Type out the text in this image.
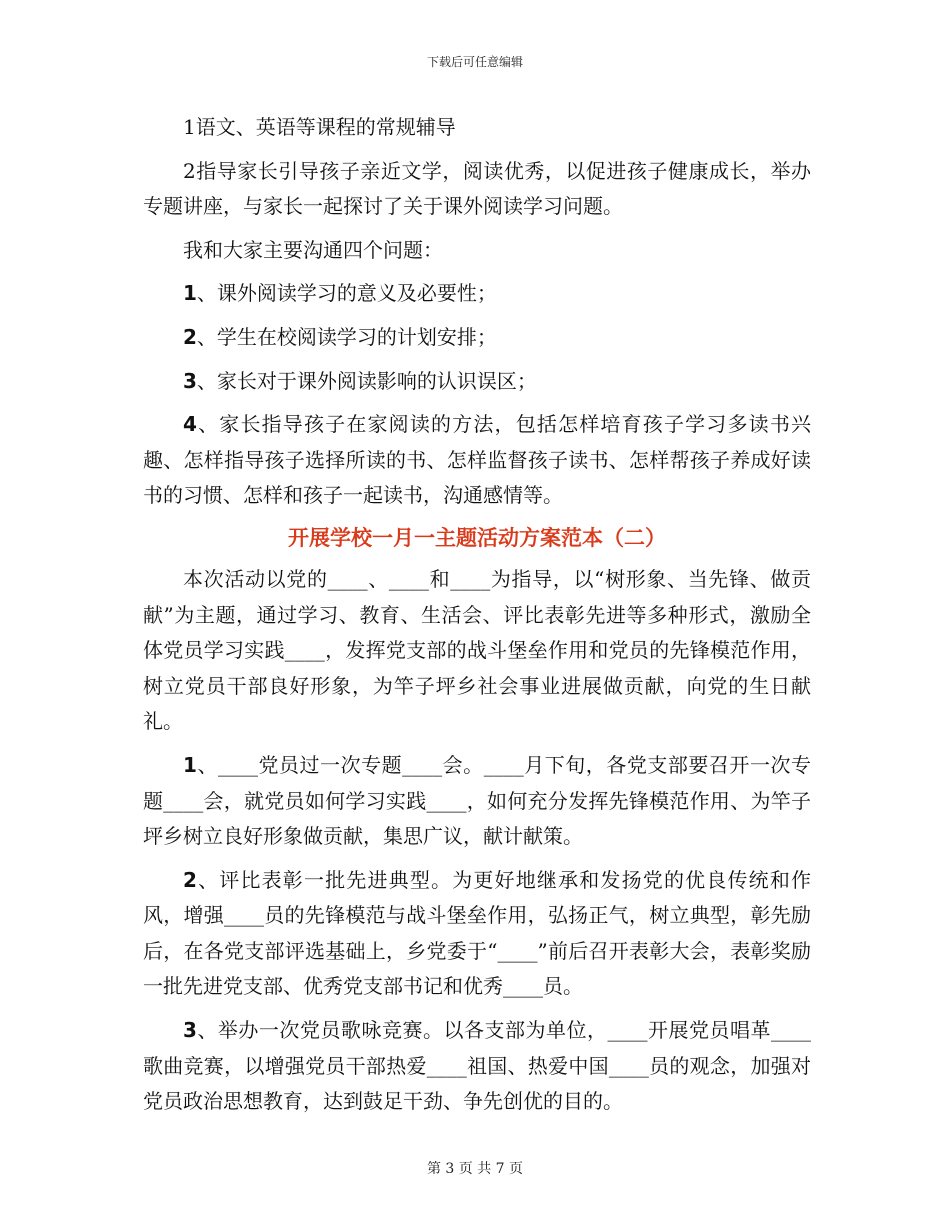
下载后可任意编辑

1语文、英语等课程的常规辅导

2指导家长引导孩子亲近文学，阅读优秀，以促进孩子健康成长，举办专题讲座，与家长一起探讨了关于课外阅读学习问题。

我和大家主要沟通四个问题：

1、课外阅读学习的意义及必要性；

2、学生在校阅读学习的计划安排；

3、家长对于课外阅读影响的认识误区；

4、家长指导孩子在家阅读的方法，包括怎样培育孩子学习多读书兴趣、怎样指导孩子选择所读的书、怎样监督孩子读书、怎样帮孩子养成好读书的习惯、怎样和孩子一起读书，沟通感情等。

开展学校一月一主题活动方案范本（二）

本次活动以党的____、____和____为指导，以“树形象、当先锋、做贡献”为主题，通过学习、教育、生活会、评比表彰先进等多种形式，激励全体党员学习实践____，发挥党支部的战斗堡垒作用和党员的先锋模范作用，树立党员干部良好形象，为竿子坪乡社会事业进展做贡献，向党的生日献礼。

1、____党员过一次专题____会。____月下旬，各党支部要召开一次专题____会，就党员如何学习实践____，如何充分发挥先锋模范作用、为竿子坪乡树立良好形象做贡献，集思广议，献计献策。

2、评比表彰一批先进典型。为更好地继承和发扬党的优良传统和作风，增强____员的先锋模范与战斗堡垒作用，弘扬正气，树立典型，彰先励后，在各党支部评选基础上，乡党委于“____”前后召开表彰大会，表彰奖励一批先进党支部、优秀党支部书记和优秀____员。

3、举办一次党员歌咏竞赛。以各支部为单位，____开展党员唱革____歌曲竞赛，以增强党员干部热爱____祖国、热爱中国____员的观念，加强对党员政治思想教育，达到鼓足干劲、争先创优的目的。

第 3 页 共 7 页
